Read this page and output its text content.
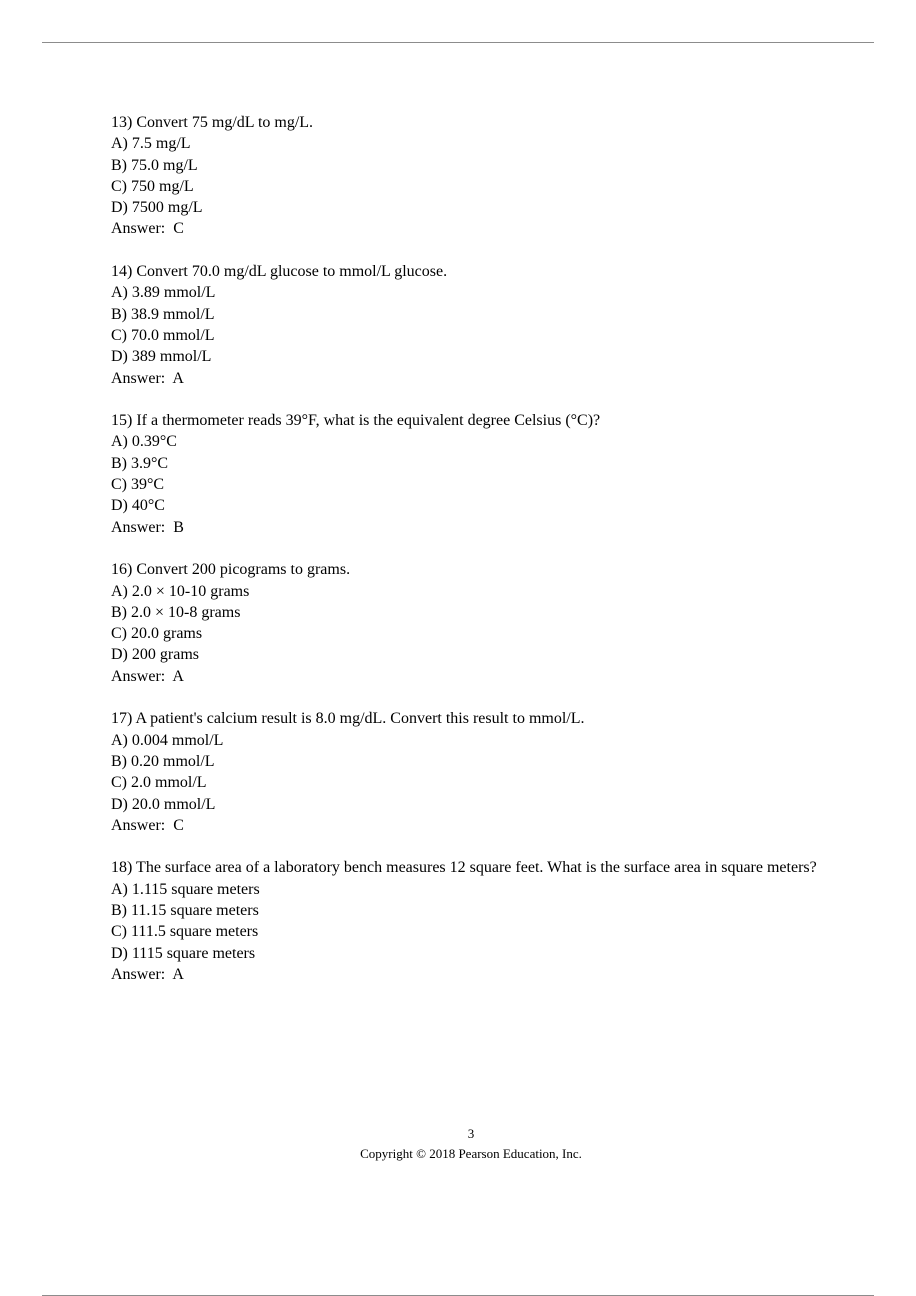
13) Convert 75 mg/dL to mg/L.
A) 7.5 mg/L
B) 75.0 mg/L
C) 750 mg/L
D) 7500 mg/L
Answer:  C
14) Convert 70.0 mg/dL glucose to mmol/L glucose.
A) 3.89 mmol/L
B) 38.9 mmol/L
C) 70.0 mmol/L
D) 389 mmol/L
Answer:  A
15) If a thermometer reads 39°F, what is the equivalent degree Celsius (°C)?
A) 0.39°C
B) 3.9°C
C) 39°C
D) 40°C
Answer:  B
16) Convert 200 picograms to grams.
A) 2.0 × 10-10 grams
B) 2.0 × 10-8 grams
C) 20.0 grams
D) 200 grams
Answer:  A
17) A patient's calcium result is 8.0 mg/dL. Convert this result to mmol/L.
A) 0.004 mmol/L
B) 0.20 mmol/L
C) 2.0 mmol/L
D) 20.0 mmol/L
Answer:  C
18) The surface area of a laboratory bench measures 12 square feet. What is the surface area in square meters?
A) 1.115 square meters
B) 11.15 square meters
C) 111.5 square meters
D) 1115 square meters
Answer:  A
3
Copyright © 2018 Pearson Education, Inc.
